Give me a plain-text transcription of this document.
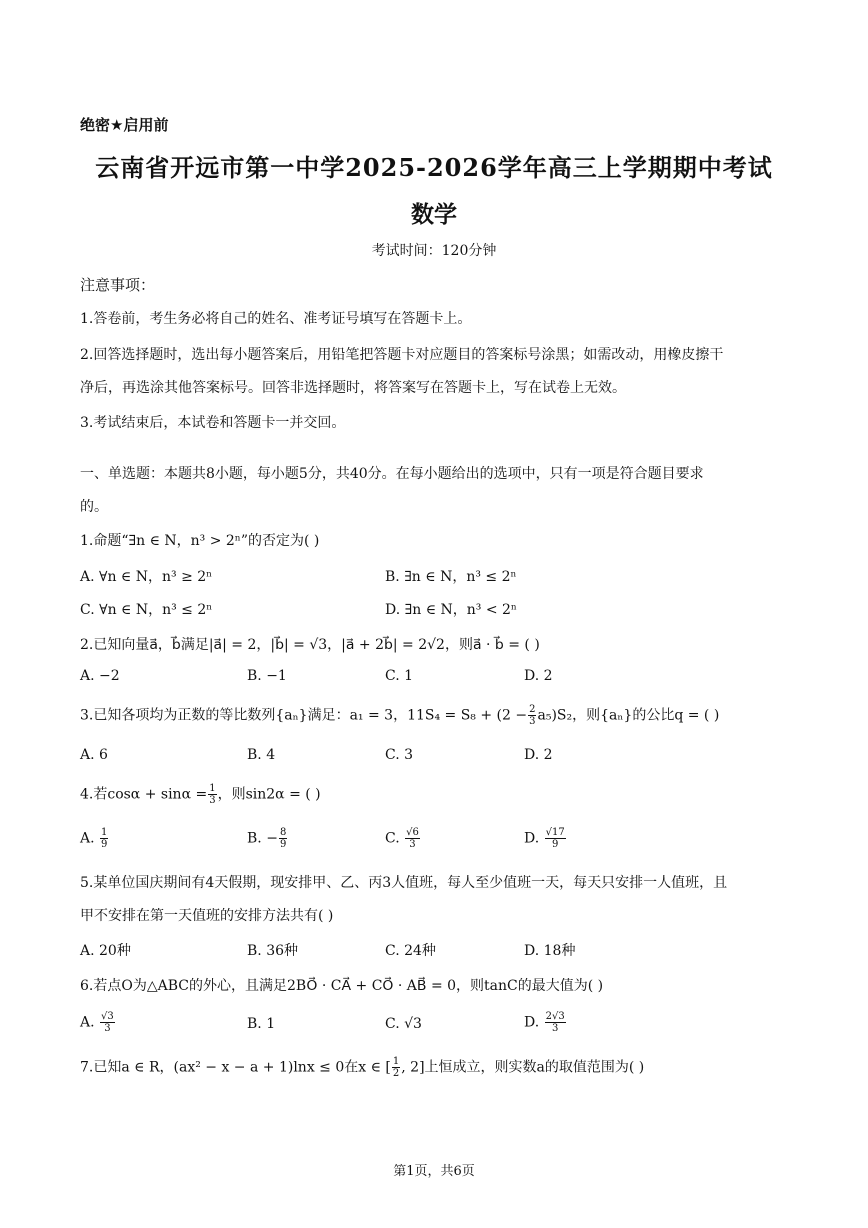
绝密★启用前
云南省开远市第一中学2025-2026学年高三上学期期中考试
数学
考试时间：120分钟
注意事项：
1.答卷前，考生务必将自己的姓名、准考证号填写在答题卡上。
2.回答选择题时，选出每小题答案后，用铅笔把答题卡对应题目的答案标号涂黑；如需改动，用橡皮擦干
净后，再选涂其他答案标号。回答非选择题时，将答案写在答题卡上，写在试卷上无效。
3.考试结束后，本试卷和答题卡一并交回。
一、单选题：本题共8小题，每小题5分，共40分。在每小题给出的选项中，只有一项是符合题目要求
的。
1.命题“∃n ∈ N，n³ > 2ⁿ”的否定为( )
A. ∀n ∈ N，n³ ≥ 2ⁿ	B. ∃n ∈ N，n³ ≤ 2ⁿ
C. ∀n ∈ N，n³ ≤ 2ⁿ	D. ∃n ∈ N，n³ < 2ⁿ
2.已知向量a⃗，b⃗满足|a⃗| = 2，|b⃗| = √3，|a⃗ + 2b⃗| = 2√2，则a⃗ · b⃗ = ( )
A. −2	B. −1	C. 1	D. 2
3.已知各项均为正数的等比数列{aₙ}满足：a₁ = 3，$11S_4 = S_8 + (2 - \frac{2}{3} a_5)S_2$，则{aₙ}的公比q = ( )
A. 6	B. 4	C. 3	D. 2
4.若$\cos\alpha + \sin\alpha = \frac{1}{3}$ ，则sin2α = ( )
A. $\frac{1}{9}$	B. − $\frac{8}{9}$	C. $\frac{√6}{3}$	D. $\frac{√17}{9}$
5.某单位国庆期间有4天假期，现安排甲、乙、丙3人值班，每人至少值班一天，每天只安排一人值班，且
甲不安排在第一天值班的安排方法共有( )
A. 20种	B. 36种	C. 24种	D. 18种
6.若点O为△ABC的外心，且满足2BO⃗ · CA⃗ + CO⃗ · AB⃗ = 0，则tanC的最大值为( )
A. $\frac{√3}{3}$	B. 1	C. √3	D. $\frac{2√3}{3}$
7.已知a ∈ R，(ax² − x − a + 1)lnx ≤ 0在x ∈ [ $\frac{1}{2}$ , 2]上恒成立，则实数a的取值范围为( )
第1页，共6页
